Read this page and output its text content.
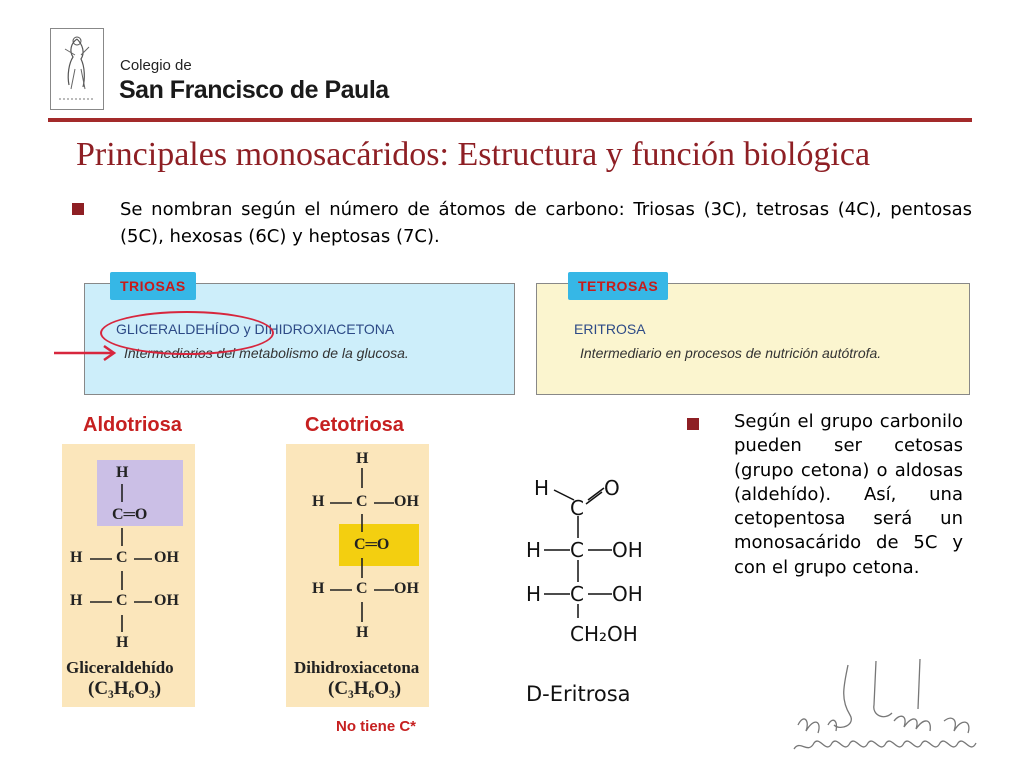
Colegio de
San Francisco de Paula
Principales monosacáridos: Estructura y función biológica
Se nombran según el número de átomos de carbono: Triosas (3C), tetrosas (4C), pentosas (5C), hexosas (6C) y heptosas (7C).
TRIOSAS
GLICERALDEHÍDO y DIHIDROXIACETONA
Intermediarios del metabolismo de la glucosa.
TETROSAS
ERITROSA
Intermediario en procesos de nutrición autótrofa.
Aldotriosa
H
C═O
H C OH
H C OH
H
Gliceraldehído
(C₃H₆O₃)
Cetotriosa
H
H C OH
C═O
H C OH
H
Dihidroxiacetona
(C₃H₆O₃)
No tiene C*
H
C
O
H C OH
H C OH
CH₂OH
D-Eritrosa
Según el grupo carbonilo pueden ser cetosas (grupo cetona) o aldosas (aldehído). Así, una cetopentosa será un monosacárido de 5C y con el grupo cetona.
